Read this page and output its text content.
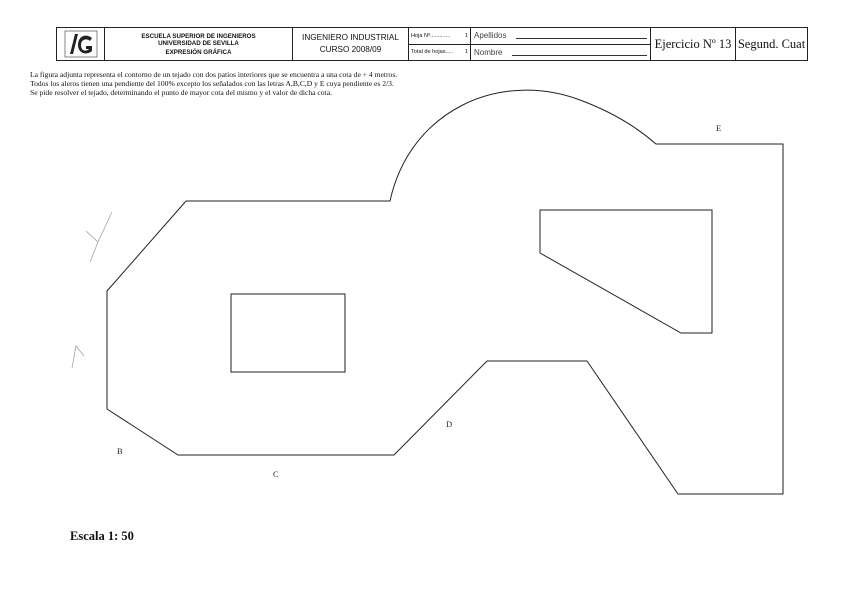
ESCUELA SUPERIOR DE INGENIEROS
UNIVERSIDAD DE SEVILLA
EXPRESIÓN GRÁFICA
INGENIERO INDUSTRIAL
CURSO 2008/09
Hoja Nº.............	1
Total de hojas.....	1
Apellidos
Nombre
Ejercicio Nº 13 Segund. Cuat

La figura adjunta representa el contorno de un tejado con dos patios interiores que se encuentra a una cota de + 4 metros.

Todos los aleros tienen una pendiente del 100% excepto los señalados con las letras A,B,C,D y E cuya pendiente es 2/3.

Se pide resolver el tejado, determinando el punto de mayor cota del mismo y el valor de dicha cota.

B
C
D
E
Escala 1: 50
